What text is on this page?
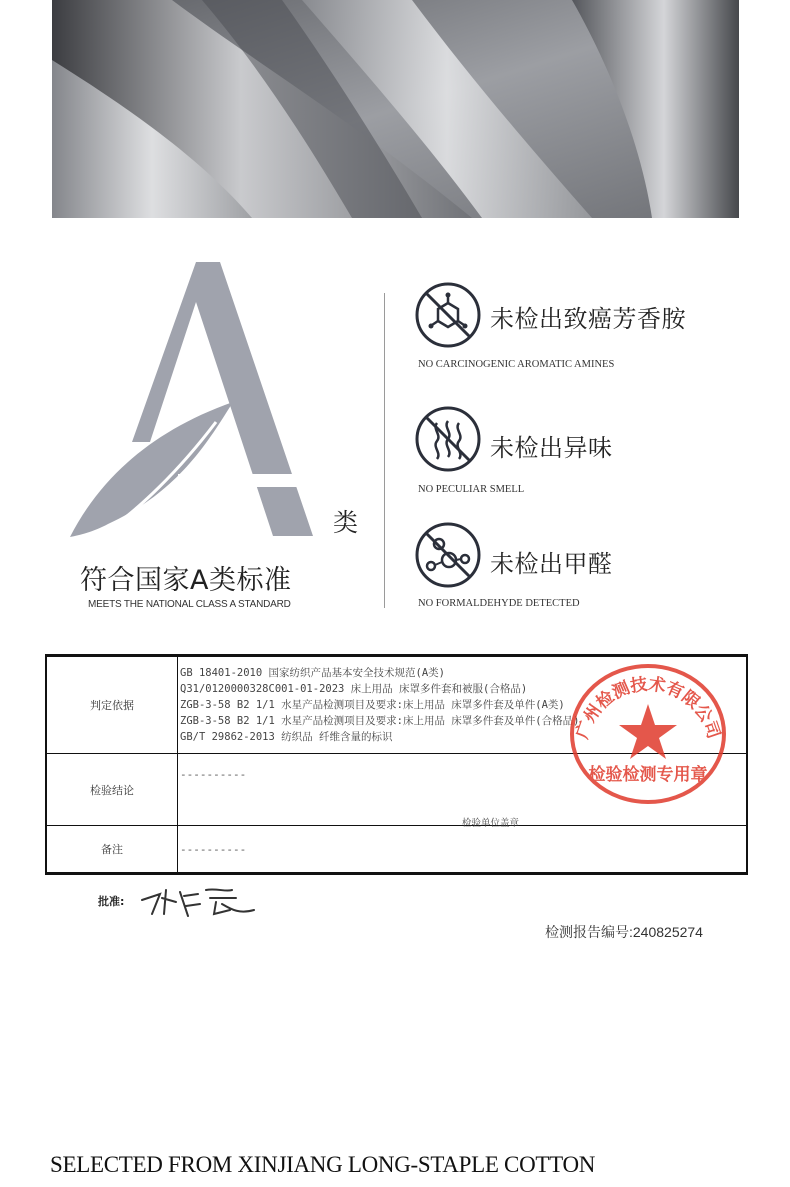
类
符合国家A类标准
MEETS THE NATIONAL CLASS A STANDARD
未检出致癌芳香胺
NO CARCINOGENIC AROMATIC AMINES
未检出异味
NO PECULIAR SMELL
未检出甲醛
NO FORMALDEHYDE DETECTED
判定依据	GB 18401-2010 国家纺织产品基本安全技术规范(A类)
Q31/0120000328C001-01-2023 床上用品 床罩多件套和被服(合格品)
ZGB-3-58 B2 1/1 水星产品检测项目及要求:床上用品 床罩多件套及单件(A类)
ZGB-3-58 B2 1/1 水星产品检测项目及要求:床上用品 床罩多件套及单件(合格品)
GB/T 29862-2013 纺织品 纤维含量的标识

检验结论	----------
备注	----------
检验单位盖章
广州检测技术有限公司
检验检测专用章
批准:
检测报告编号:240825274
SELECTED FROM XINJIANG LONG-STAPLE COTTON
